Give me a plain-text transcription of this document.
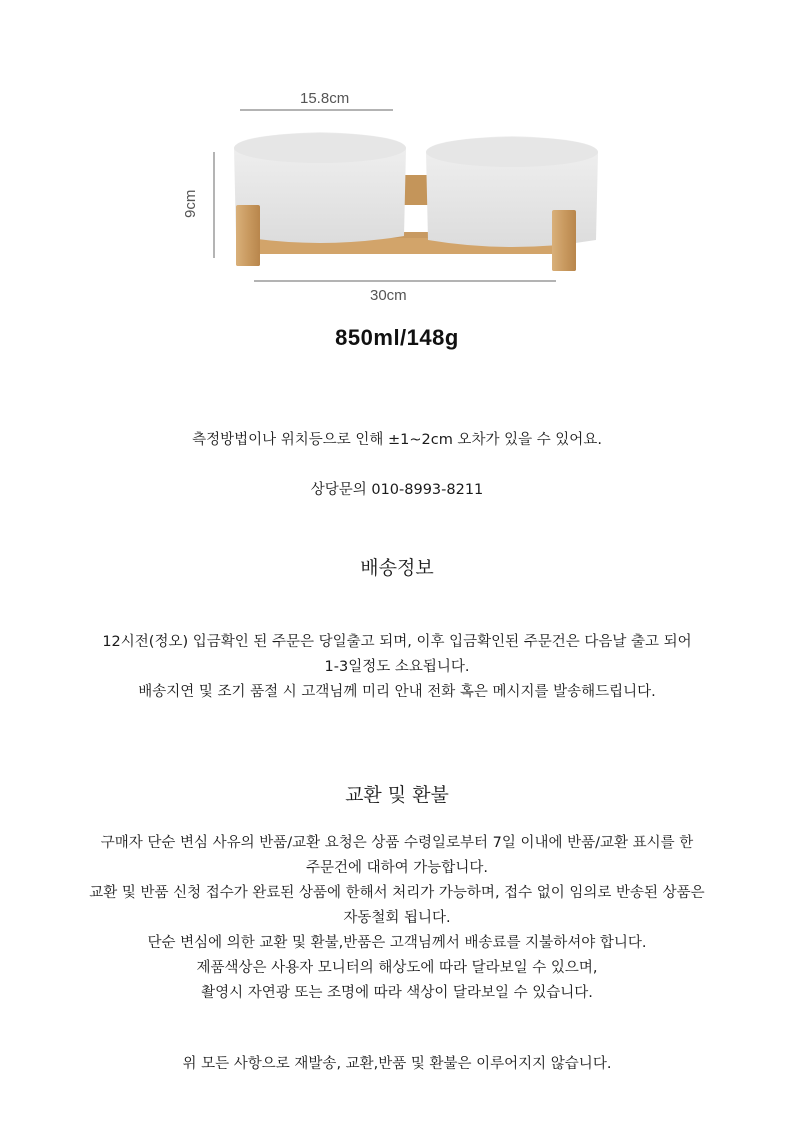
15.8cm
9cm
30cm
850ml/148g
측정방법이나 위치등으로 인해 ±1~2cm 오차가 있을 수 있어요.
상당문의 010-8993-8211
배송정보
12시전(정오) 입금확인 된 주문은 당일출고 되며, 이후 입금확인된 주문건은 다음날 출고 되어
1-3일정도 소요됩니다.
배송지연 및 조기 품절 시 고객님께 미리 안내 전화 혹은 메시지를 발송해드립니다.
교환 및 환불
구매자 단순 변심 사유의 반품/교환 요청은 상품 수령일로부터 7일 이내에 반품/교환 표시를 한
주문건에 대하여 가능합니다.
교환 및 반품 신청 접수가 완료된 상품에 한해서 처리가 가능하며, 접수 없이 임의로 반송된 상품은
자동철회 됩니다.
단순 변심에 의한 교환 및 환불,반품은 고객님께서 배송료를 지불하셔야 합니다.
제품색상은 사용자 모니터의 해상도에 따라 달라보일 수 있으며,
촬영시 자연광 또는 조명에 따라 색상이 달라보일 수 있습니다.
위 모든 사항으로 재발송, 교환,반품 및 환불은 이루어지지 않습니다.
